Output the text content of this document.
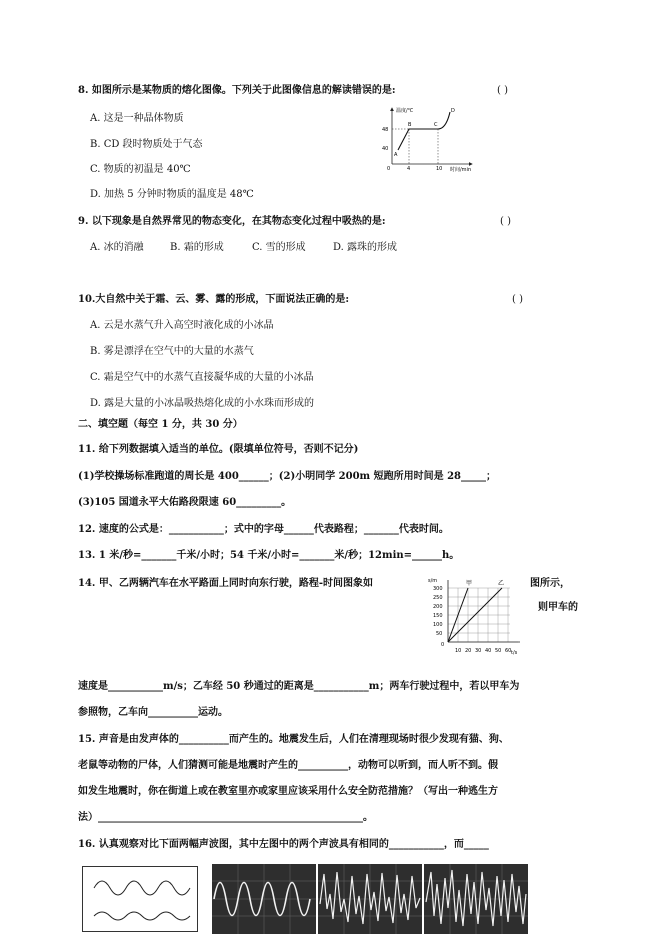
8. 如图所示是某物质的熔化图像。下列关于此图像信息的解读错误的是:	( )
A. 这是一种晶体物质
B. CD 段时物质处于气态
C. 物质的初温是 40℃
D. 加热 5 分钟时物质的温度是 48℃
温度/℃
时间/min
48
40
0	4	10
A
B	C
D
9. 以下现象是自然界常见的物态变化，在其物态变化过程中吸热的是:	( )
A. 冰的消融	B. 霜的形成	C. 雪的形成	D. 露珠的形成
10.大自然中关于霜、云、雾、露的形成，下面说法正确的是:	( )
A. 云是水蒸气升入高空时液化成的小冰晶
B. 雾是漂浮在空气中的大量的水蒸气
C. 霜是空气中的水蒸气直接凝华成的大量的小冰晶
D. 露是大量的小冰晶吸热熔化成的小水珠而形成的
二、填空题（每空 1 分，共 30 分）
11. 给下列数据填入适当的单位。(限填单位符号，否则不记分)
(1)学校操场标准跑道的周长是 400______；(2)小明同学 200m 短跑所用时间是 28_____；
(3)105 国道永平大佑路段限速 60_________。
12. 速度的公式是：___________；式中的字母______代表路程；_______代表时间。
13. 1 米/秒=_______千米/小时；54 千米/小时=_______米/秒；12min=______h。
14. 甲、乙两辆汽车在水平路面上同时向东行驶，路程-时间图象如	图所示，
则甲车的
s/m
t/s
300
250
200
150
100
50
0
10 20 30 40 50 60
甲	乙
速度是___________m/s；乙车经 50 秒通过的距离是___________m；两车行驶过程中，若以甲车为
参照物，乙车向__________运动。
15. 声音是由发声体的__________而产生的。地震发生后，人们在清理现场时很少发现有猫、狗、
老鼠等动物的尸体，人们猜测可能是地震时产生的__________，动物可以听到，而人听不到。假
如发生地震时，你在街道上或在教室里亦或家里应该采用什么安全防范措施？（写出一种逃生方
法）_____________________________________________________。
16. 认真观察对比下面两幅声波图，其中左图中的两个声波具有相同的___________，而_____
